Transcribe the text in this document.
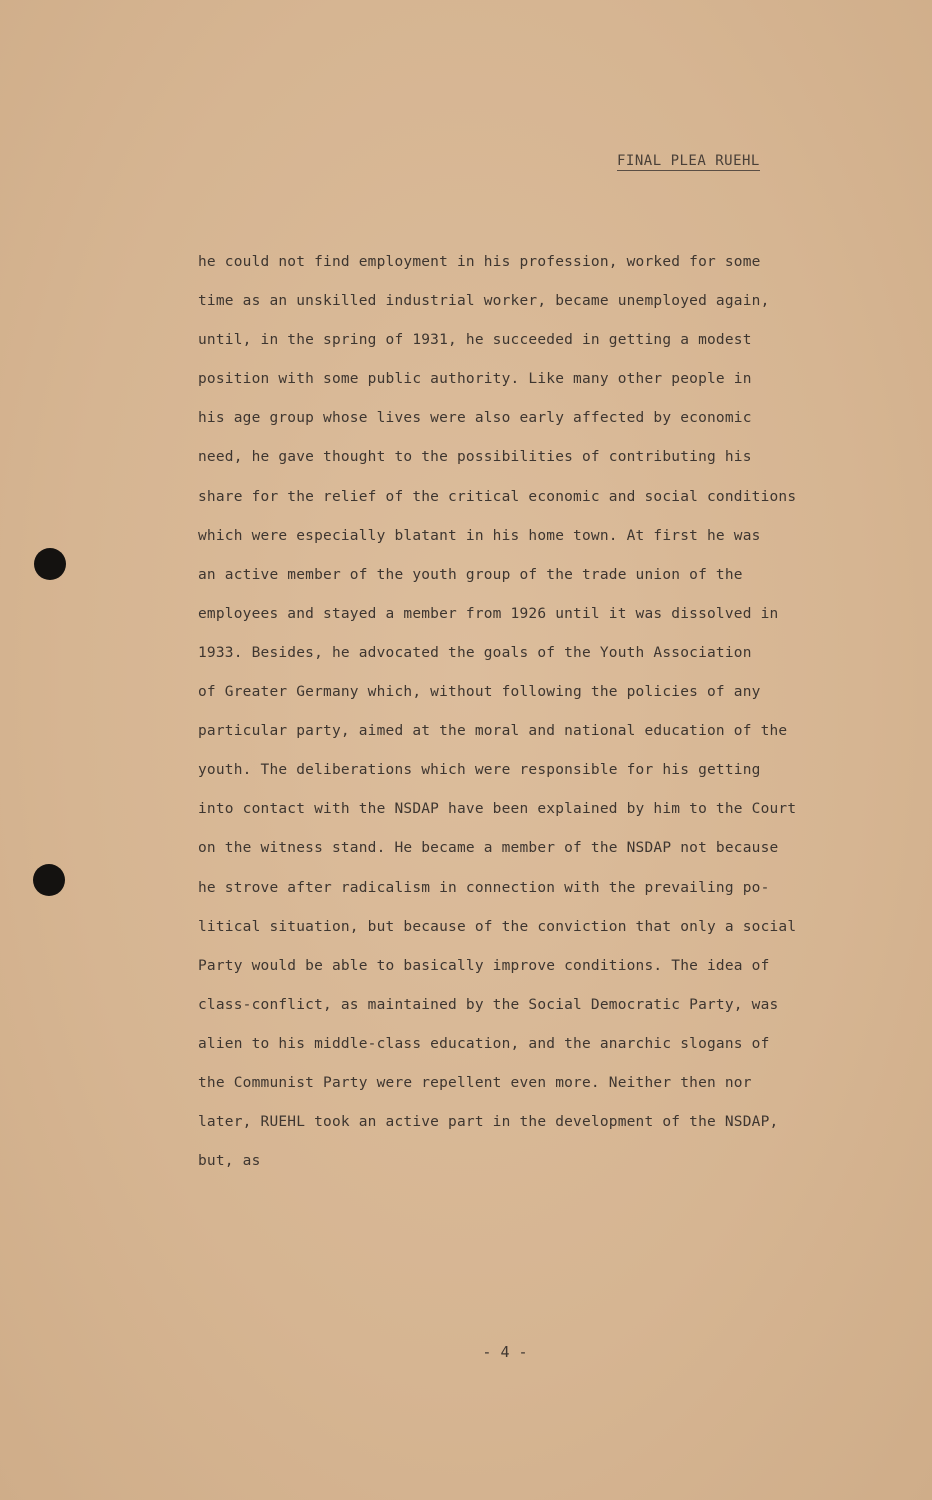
FINAL PLEA RUEHL
he could not find employment in his profession, worked for some
time as an unskilled industrial worker, became unemployed again,
until, in the spring of 1931, he succeeded in getting a modest
position with some public authority. Like many other people in
his age group whose lives were also early affected by economic
need, he gave thought to the possibilities of contributing his
share for the relief of the critical economic and social conditions
which were especially blatant in his home town. At first he was
an active member of the youth group of the trade union of the
employees and stayed a member from 1926 until it was dissolved in
1933. Besides, he advocated the goals of the Youth Association
of Greater Germany which, without following the policies of any
particular party, aimed at the moral and national education of the
youth. The deliberations which were responsible for his getting
into contact with the NSDAP have been explained by him to the Court
on the witness stand. He became a member of the NSDAP not because
he strove after radicalism in connection with the prevailing po-
litical situation, but because of the conviction that only a social
Party would be able to basically improve conditions. The idea of
class-conflict, as maintained by the Social Democratic Party, was
alien to his middle-class education, and the anarchic slogans of
the Communist Party were repellent even more. Neither then nor
later, RUEHL took an active part in the development of the NSDAP,
but, as
- 4 -
